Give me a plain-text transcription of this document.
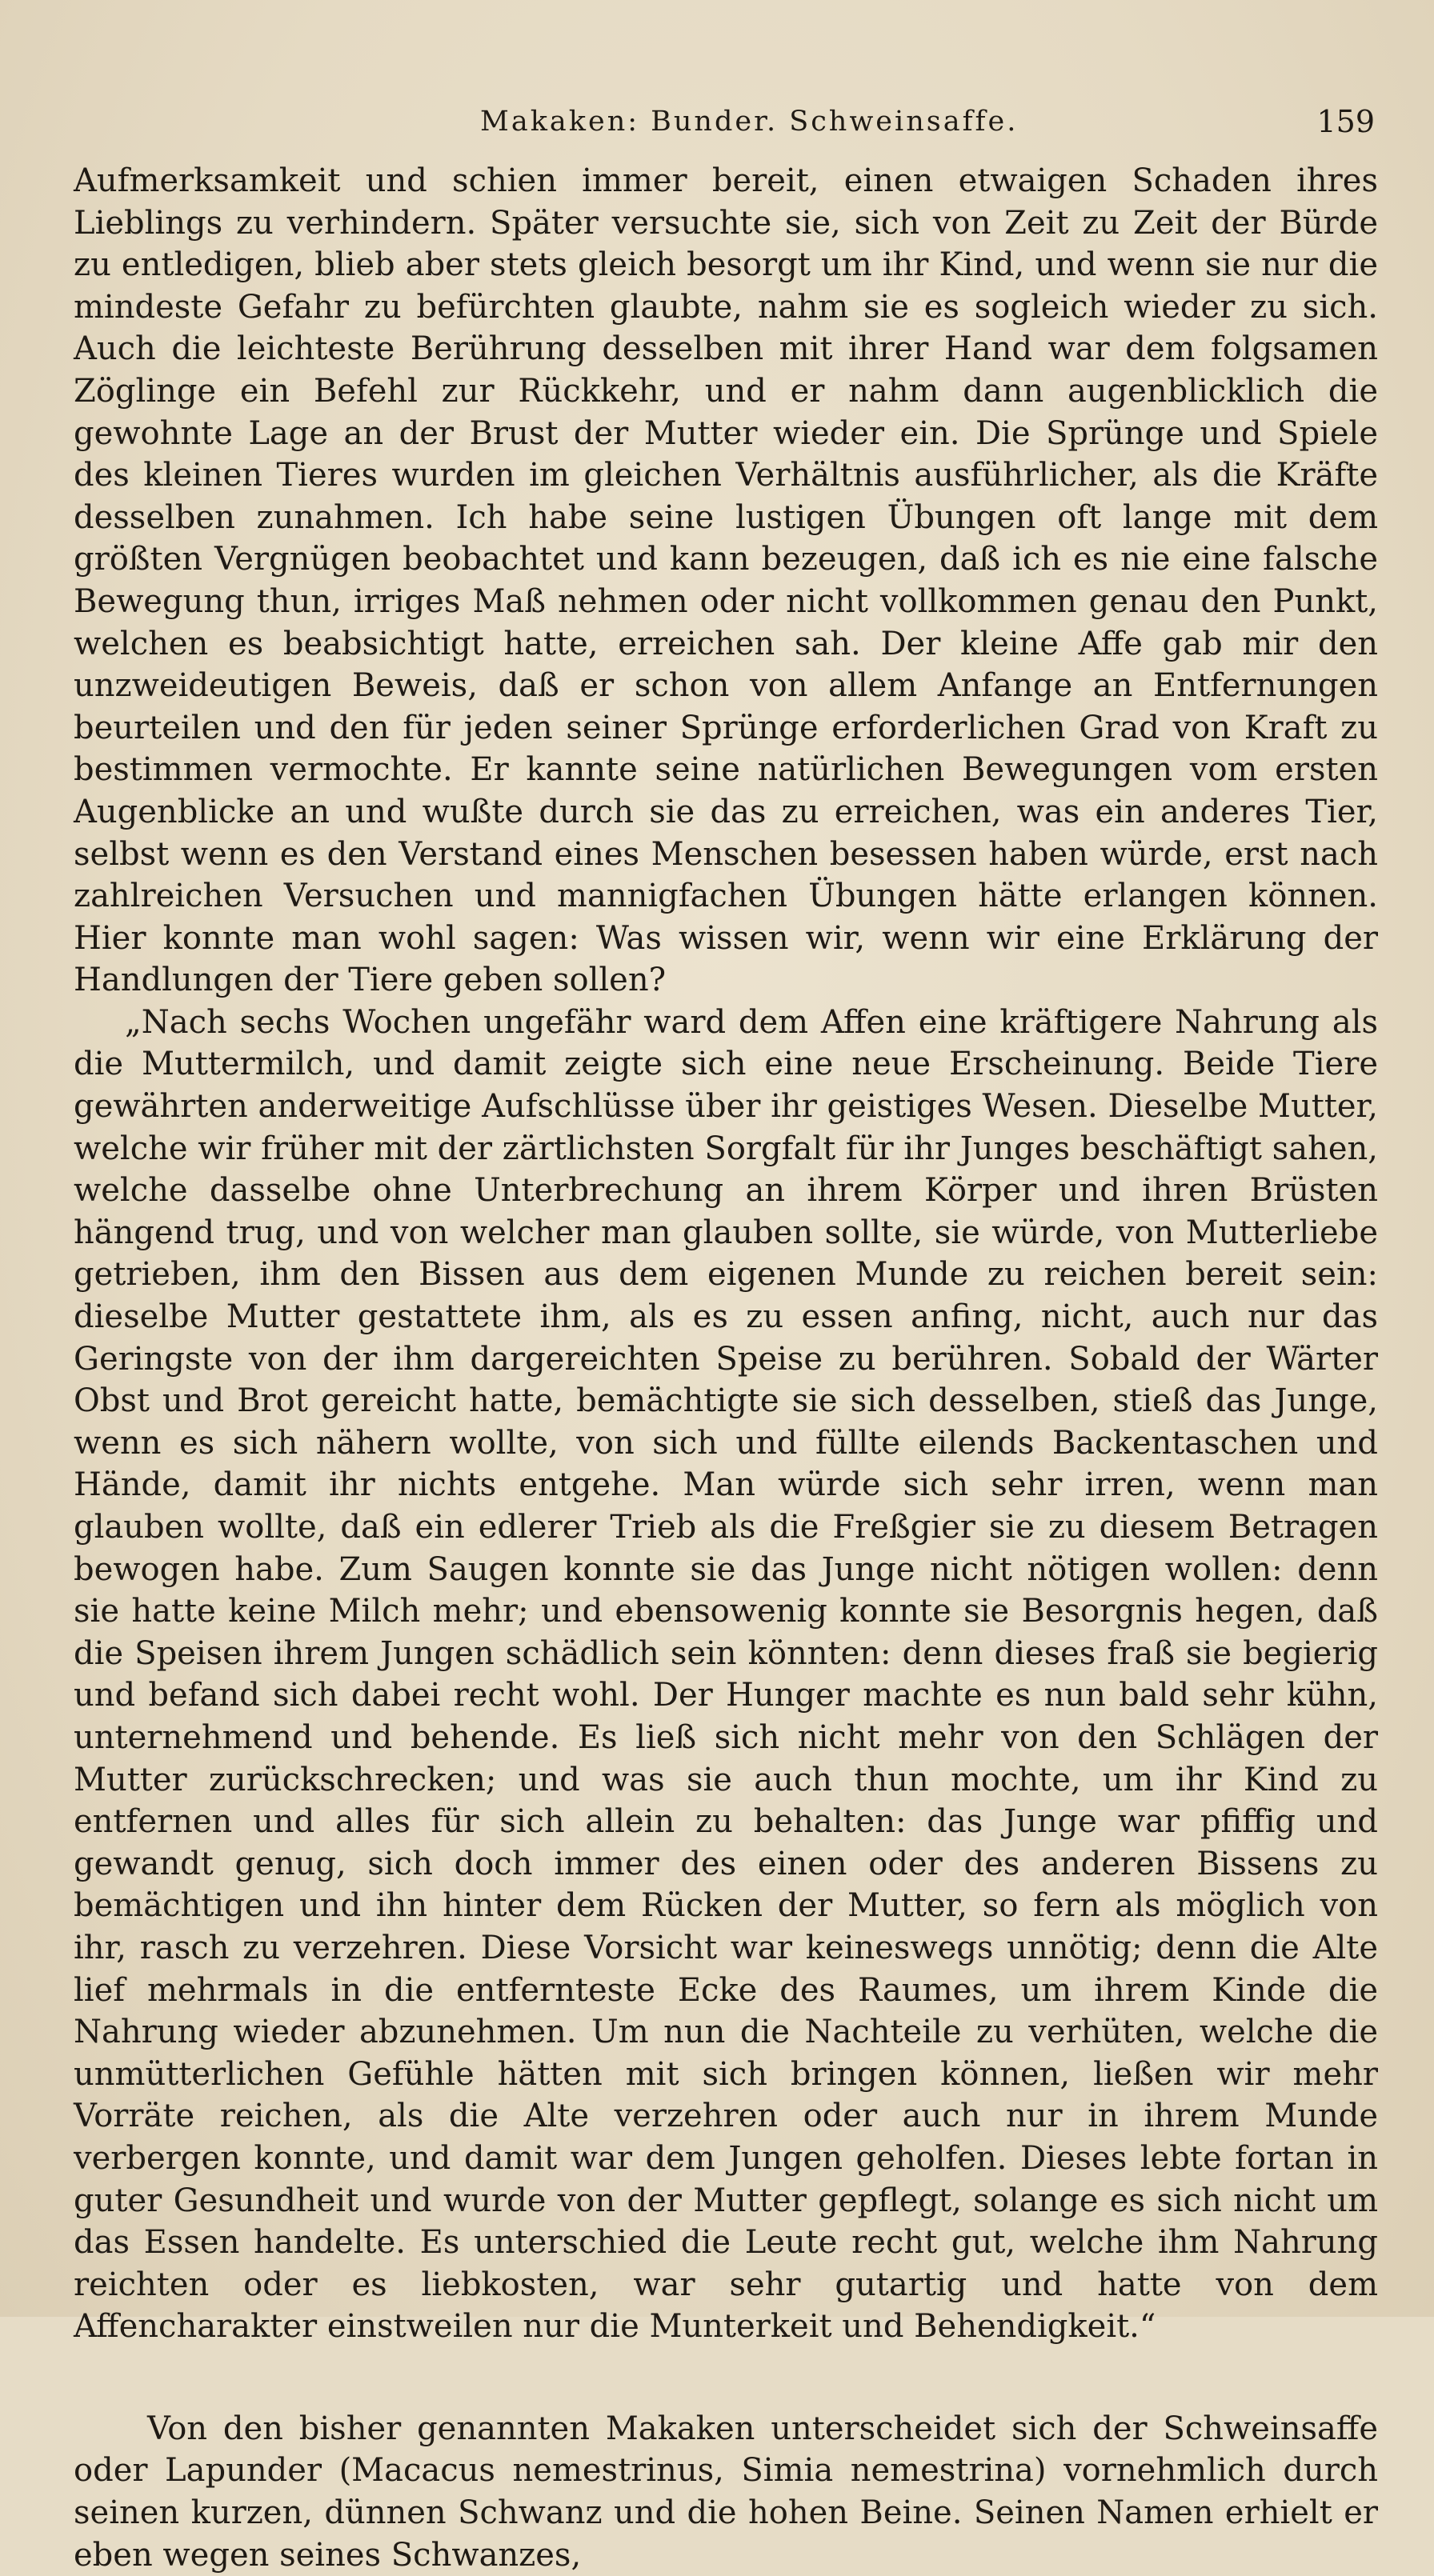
Makaken: Bunder. Schweinsaffe.	159

Aufmerksamkeit und schien immer bereit, einen etwaigen Schaden ihres Lieblings zu verhindern. Später versuchte sie, sich von Zeit zu Zeit der Bürde zu entledigen, blieb aber stets gleich besorgt um ihr Kind, und wenn sie nur die mindeste Gefahr zu befürchten glaubte, nahm sie es sogleich wieder zu sich. Auch die leichteste Berührung desselben mit ihrer Hand war dem folgsamen Zöglinge ein Befehl zur Rückkehr, und er nahm dann augenblicklich die gewohnte Lage an der Brust der Mutter wieder ein. Die Sprünge und Spiele des kleinen Tieres wurden im gleichen Verhältnis ausführlicher, als die Kräfte desselben zunahmen. Ich habe seine lustigen Übungen oft lange mit dem größten Vergnügen beobachtet und kann bezeugen, daß ich es nie eine falsche Bewegung thun, irriges Maß nehmen oder nicht vollkommen genau den Punkt, welchen es beabsichtigt hatte, erreichen sah. Der kleine Affe gab mir den unzweideutigen Beweis, daß er schon von allem Anfange an Entfernungen beurteilen und den für jeden seiner Sprünge erforderlichen Grad von Kraft zu bestimmen vermochte. Er kannte seine natürlichen Bewegungen vom ersten Augenblicke an und wußte durch sie das zu erreichen, was ein anderes Tier, selbst wenn es den Verstand eines Menschen besessen haben würde, erst nach zahlreichen Versuchen und mannigfachen Übungen hätte erlangen können. Hier konnte man wohl sagen: Was wissen wir, wenn wir eine Erklärung der Handlungen der Tiere geben sollen?

„Nach sechs Wochen ungefähr ward dem Affen eine kräftigere Nahrung als die Muttermilch, und damit zeigte sich eine neue Erscheinung. Beide Tiere gewährten anderweitige Aufschlüsse über ihr geistiges Wesen. Dieselbe Mutter, welche wir früher mit der zärtlichsten Sorgfalt für ihr Junges beschäftigt sahen, welche dasselbe ohne Unterbrechung an ihrem Körper und ihren Brüsten hängend trug, und von welcher man glauben sollte, sie würde, von Mutterliebe getrieben, ihm den Bissen aus dem eigenen Munde zu reichen bereit sein: dieselbe Mutter gestattete ihm, als es zu essen anfing, nicht, auch nur das Geringste von der ihm dargereichten Speise zu berühren. Sobald der Wärter Obst und Brot gereicht hatte, bemächtigte sie sich desselben, stieß das Junge, wenn es sich nähern wollte, von sich und füllte eilends Backentaschen und Hände, damit ihr nichts entgehe. Man würde sich sehr irren, wenn man glauben wollte, daß ein edlerer Trieb als die Freßgier sie zu diesem Betragen bewogen habe. Zum Saugen konnte sie das Junge nicht nötigen wollen: denn sie hatte keine Milch mehr; und ebensowenig konnte sie Besorgnis hegen, daß die Speisen ihrem Jungen schädlich sein könnten: denn dieses fraß sie begierig und befand sich dabei recht wohl. Der Hunger machte es nun bald sehr kühn, unternehmend und behende. Es ließ sich nicht mehr von den Schlägen der Mutter zurückschrecken; und was sie auch thun mochte, um ihr Kind zu entfernen und alles für sich allein zu behalten: das Junge war pfiffig und gewandt genug, sich doch immer des einen oder des anderen Bissens zu bemächtigen und ihn hinter dem Rücken der Mutter, so fern als möglich von ihr, rasch zu verzehren. Diese Vorsicht war keineswegs unnötig; denn die Alte lief mehrmals in die entfernteste Ecke des Raumes, um ihrem Kinde die Nahrung wieder abzunehmen. Um nun die Nachteile zu verhüten, welche die unmütterlichen Gefühle hätten mit sich bringen können, ließen wir mehr Vorräte reichen, als die Alte verzehren oder auch nur in ihrem Munde verbergen konnte, und damit war dem Jungen geholfen. Dieses lebte fortan in guter Gesundheit und wurde von der Mutter gepflegt, solange es sich nicht um das Essen handelte. Es unterschied die Leute recht gut, welche ihm Nahrung reichten oder es liebkosten, war sehr gutartig und hatte von dem Affencharakter einstweilen nur die Munterkeit und Behendigkeit.“

Von den bisher genannten Makaken unterscheidet sich der Schweinsaffe oder Lapunder (Macacus nemestrinus, Simia nemestrina) vornehmlich durch seinen kurzen, dünnen Schwanz und die hohen Beine. Seinen Namen erhielt er eben wegen seines Schwanzes,
